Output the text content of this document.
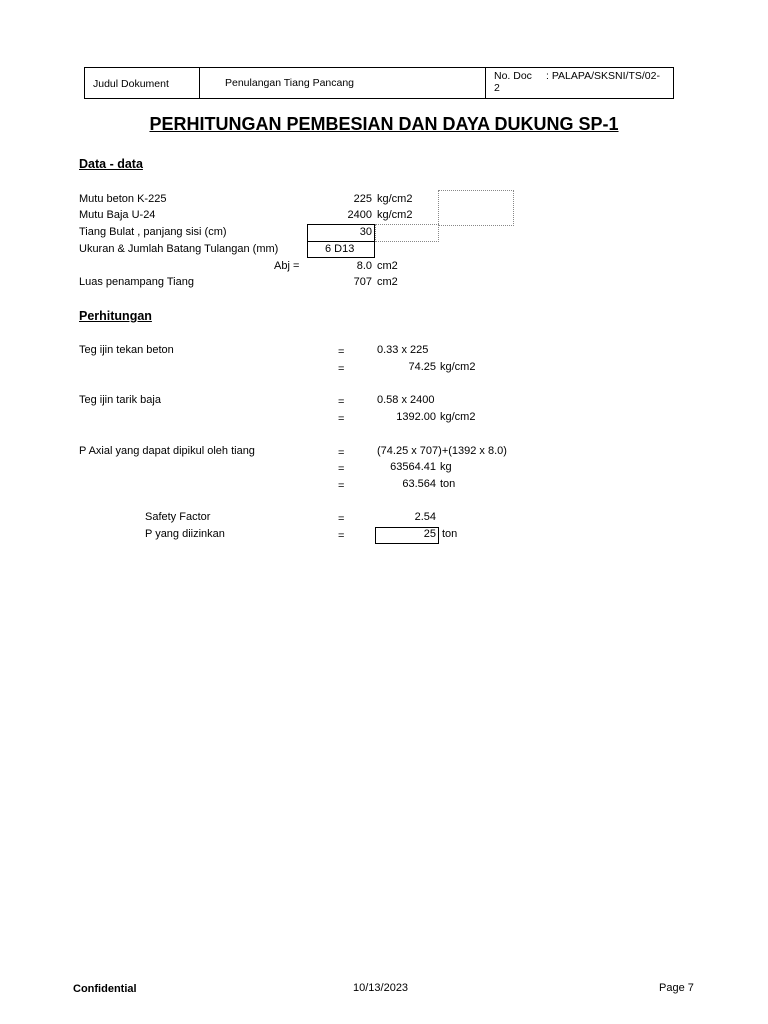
Judul Dokument	Penulangan Tiang Pancang
No. Doc : PALAPA/SKSNI/TS/02-
2
PERHITUNGAN PEMBESIAN DAN DAYA DUKUNG SP-1
Data - data
Mutu beton K-225	225 kg/cm2
Mutu Baja U-24	2400 kg/cm2
Tiang Bulat , panjang sisi (cm)	30
Ukuran & Jumlah Batang Tulangan (mm)	6 D13
Abj =	8.0 cm2
Luas penampang Tiang	707 cm2
Perhitungan
Teg ijin tekan beton	=	0.33 x 225
=	74.25 kg/cm2
Teg ijin tarik baja	=	0.58 x 2400
=	1392.00 kg/cm2
P Axial yang dapat dipikul oleh tiang	=	(74.25 x 707)+(1392 x 8.0)
=	63564.41 kg
=	63.564 ton
Safety Factor	=	2.54
P yang diizinkan	=	25 ton
Confidential	10/13/2023	Page 7
